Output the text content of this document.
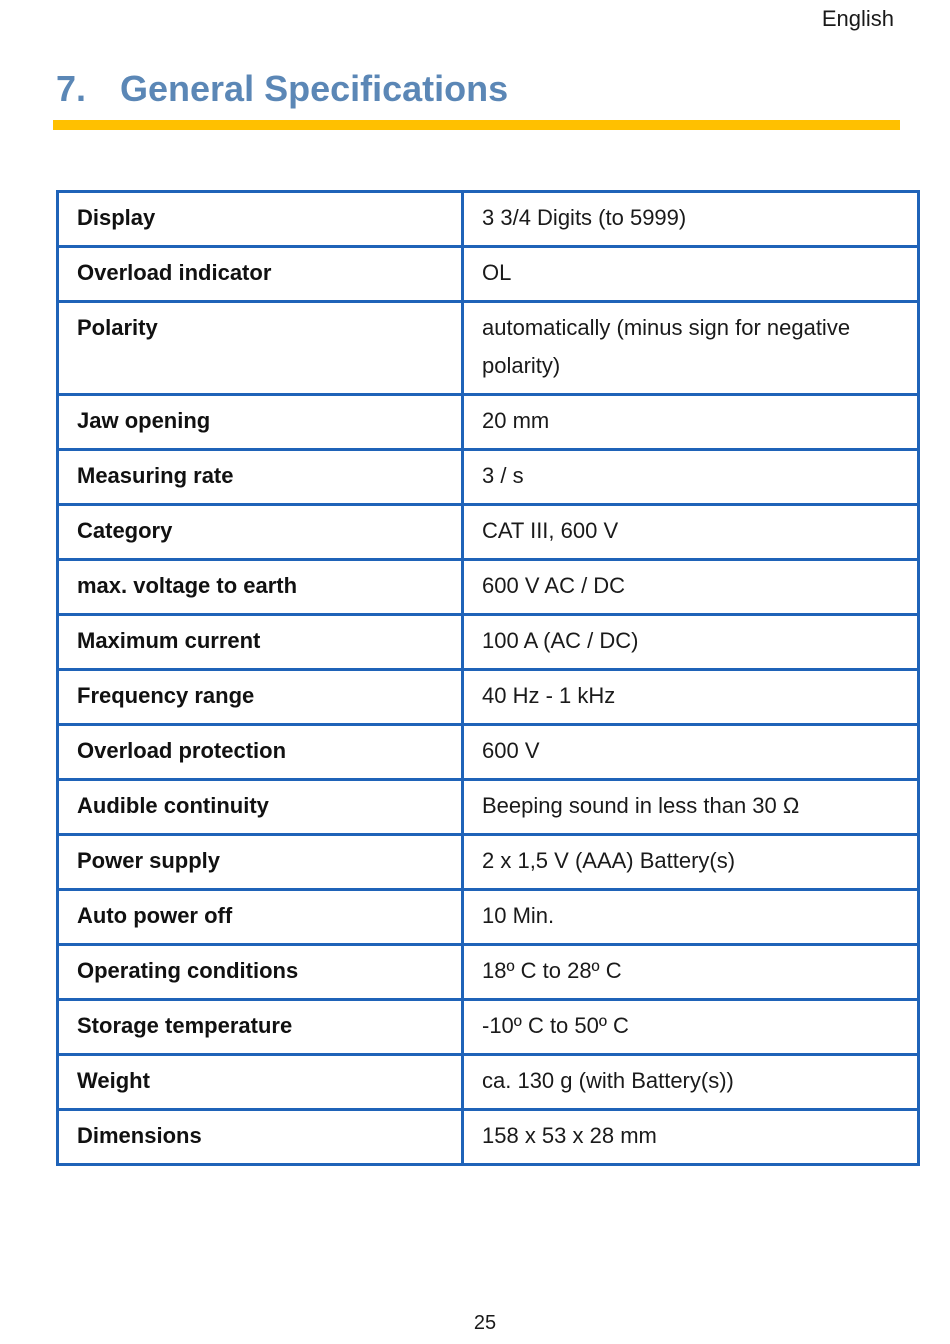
English
7. General Specifications
Display	3 3/4 Digits (to 5999)
Overload indicator	OL
Polarity	automatically (minus sign for negative polarity)
Jaw opening	20 mm
Measuring rate	3 / s
Category	CAT III, 600 V
max. voltage to earth	600 V AC / DC
Maximum current	100 A (AC / DC)
Frequency range	40 Hz - 1 kHz
Overload protection	600 V
Audible continuity	Beeping sound in less than 30 Ω
Power supply	2 x 1,5 V (AAA) Battery(s)
Auto power off	10 Min.
Operating conditions	18º C to 28º C
Storage temperature	-10º C to 50º C
Weight	ca. 130 g (with Battery(s))
Dimensions	158 x 53 x 28 mm
25
